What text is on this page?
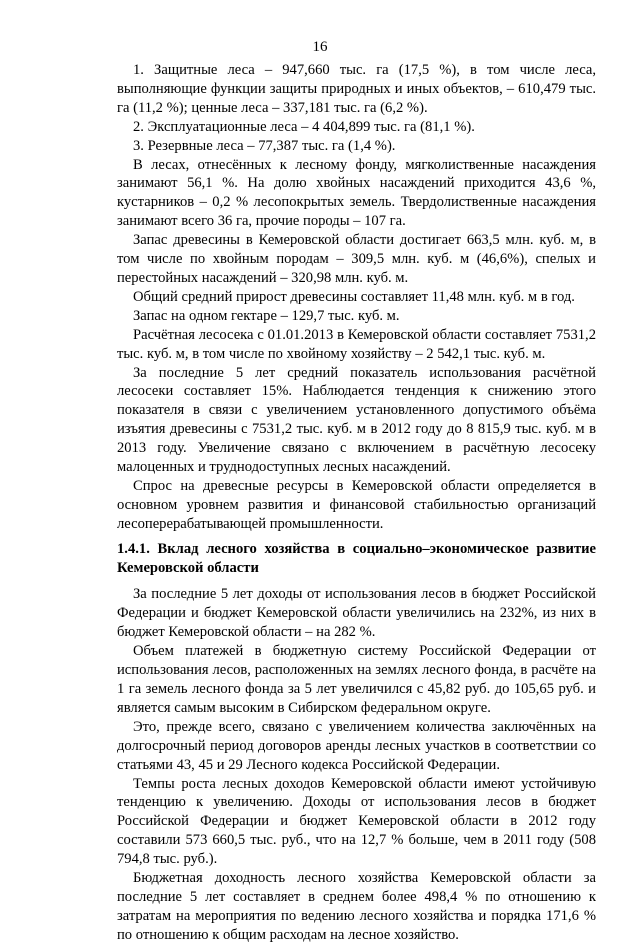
16

1. Защитные леса – 947,660 тыс. га (17,5 %), в том числе леса, выполняющие функции защиты природных и иных объектов, – 610,479 тыс. га (11,2 %); ценные леса – 337,181 тыс. га (6,2 %).

2. Эксплуатационные леса – 4 404,899 тыс. га (81,1 %).

3. Резервные леса – 77,387 тыс. га (1,4 %).

В лесах, отнесённых к лесному фонду, мягколиственные насаждения занимают 56,1 %. На долю хвойных насаждений приходится 43,6 %, кустарников – 0,2 % лесопокрытых земель. Твердолиственные насаждения занимают всего 36 га, прочие породы – 107 га.

Запас древесины в Кемеровской области достигает 663,5 млн. куб. м, в том числе по хвойным породам – 309,5 млн. куб. м (46,6%), спелых и перестойных насаждений – 320,98 млн. куб. м.

Общий средний прирост древесины составляет 11,48 млн. куб. м в год.

Запас на одном гектаре – 129,7 тыс. куб. м.

Расчётная лесосека с 01.01.2013 в Кемеровской области составляет 7531,2 тыс. куб. м, в том числе по хвойному хозяйству – 2 542,1 тыс. куб. м.

За последние 5 лет средний показатель использования расчётной лесосеки составляет 15%. Наблюдается тенденция к снижению этого показателя в связи с увеличением установленного допустимого объёма изъятия древесины с 7531,2 тыс. куб. м в 2012 году до 8 815,9 тыс. куб. м в 2013 году. Увеличение связано с включением в расчётную лесосеку малоценных и труднодоступных лесных насаждений.

Спрос на древесные ресурсы в Кемеровской области определяется в основном уровнем развития и финансовой стабильностью организаций лесоперерабатывающей промышленности.

1.4.1. Вклад лесного хозяйства в социально–экономическое развитие Кемеровской области

За последние 5 лет доходы от использования лесов в бюджет Российской Федерации и бюджет Кемеровской области увеличились на 232%, из них в бюджет Кемеровской области – на 282 %.

Объем платежей в бюджетную систему Российской Федерации от использования лесов, расположенных на землях лесного фонда, в расчёте на 1 га земель лесного фонда за 5 лет увеличился с 45,82 руб. до 105,65 руб. и является самым высоким в Сибирском федеральном округе.

Это, прежде всего, связано с увеличением количества заключённых на долгосрочный период договоров аренды лесных участков в соответствии со статьями 43, 45 и 29 Лесного кодекса Российской Федерации.

Темпы роста лесных доходов Кемеровской области имеют устойчивую тенденцию к увеличению. Доходы от использования лесов в бюджет Российской Федерации и бюджет Кемеровской области в 2012 году составили 573 660,5 тыс. руб., что на 12,7 % больше, чем в 2011 году (508 794,8 тыс. руб.).

Бюджетная доходность лесного хозяйства Кемеровской области за последние 5 лет составляет в среднем более 498,4 % по отношению к затратам на мероприятия по ведению лесного хозяйства и порядка 171,6 % по отношению к общим расходам на лесное хозяйство.
